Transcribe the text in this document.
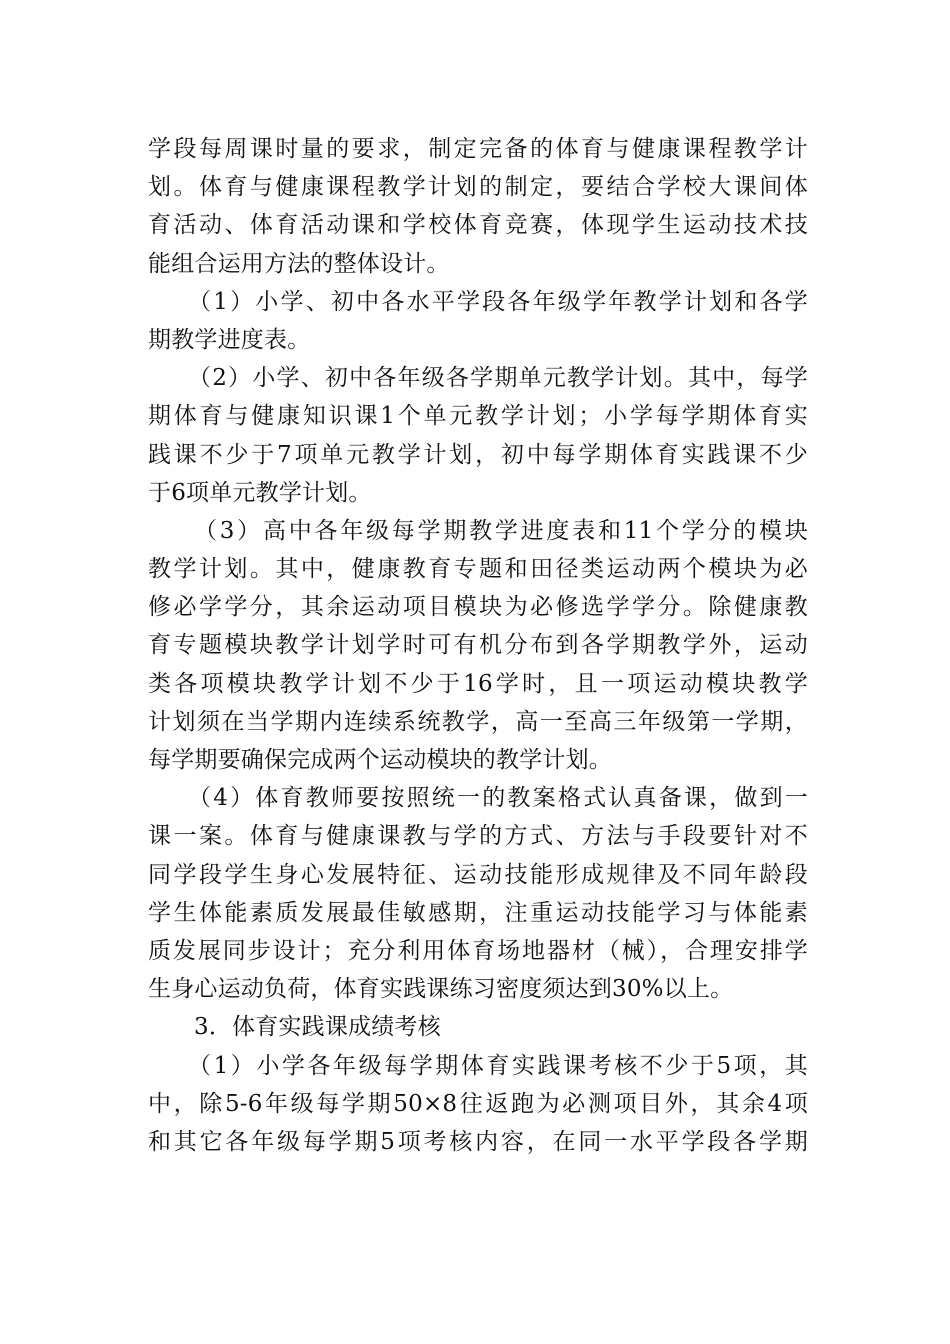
学段每周课时量的要求，制定完备的体育与健康课程教学计
划。体育与健康课程教学计划的制定，要结合学校大课间体
育活动、体育活动课和学校体育竞赛，体现学生运动技术技
能组合运用方法的整体设计。
（1）小学、初中各水平学段各年级学年教学计划和各学
期教学进度表。
（2）小学、初中各年级各学期单元教学计划。其中，每学
期体育与健康知识课1个单元教学计划；小学每学期体育实
践课不少于7项单元教学计划，初中每学期体育实践课不少
于6项单元教学计划。
（3）高中各年级每学期教学进度表和11个学分的模块
教学计划。其中，健康教育专题和田径类运动两个模块为必
修必学学分，其余运动项目模块为必修选学学分。除健康教
育专题模块教学计划学时可有机分布到各学期教学外，运动
类各项模块教学计划不少于16学时，且一项运动模块教学
计划须在当学期内连续系统教学，高一至高三年级第一学期，
每学期要确保完成两个运动模块的教学计划。
（4）体育教师要按照统一的教案格式认真备课，做到一
课一案。体育与健康课教与学的方式、方法与手段要针对不
同学段学生身心发展特征、运动技能形成规律及不同年龄段
学生体能素质发展最佳敏感期，注重运动技能学习与体能素
质发展同步设计；充分利用体育场地器材（械），合理安排学
生身心运动负荷，体育实践课练习密度须达到30%以上。
3．体育实践课成绩考核
（1）小学各年级每学期体育实践课考核不少于5项，其
中，除5-6年级每学期50×8往返跑为必测项目外，其余4项
和其它各年级每学期5项考核内容，在同一水平学段各学期
